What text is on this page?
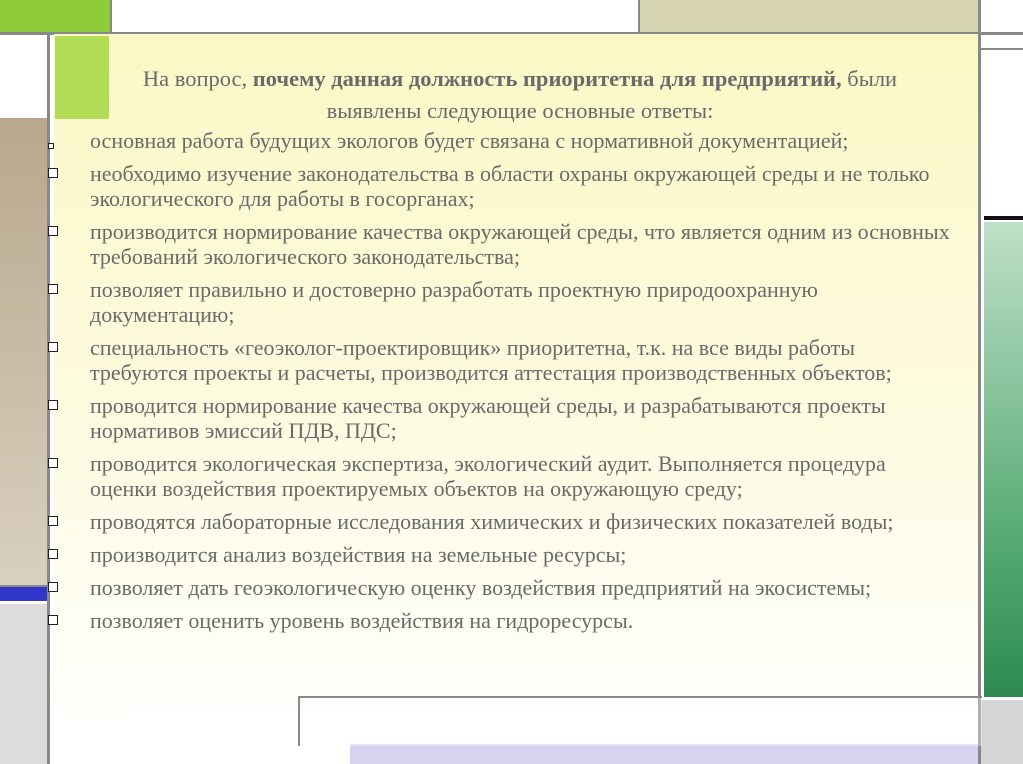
На вопрос, почему данная должность приоритетна для предприятий, были выявлены следующие основные ответы:
основная работа будущих экологов будет связана с нормативной документацией;
необходимо изучение законодательства в области охраны окружающей среды и не только экологического для работы в госорганах;
производится нормирование качества окружающей среды, что является одним из основных требований экологического законодательства;
позволяет правильно и достоверно разработать проектную природоохранную документацию;
специальность «геоэколог-проектировщик» приоритетна, т.к. на все виды работы требуются проекты и расчеты, производится аттестация производственных объектов;
проводится нормирование качества окружающей среды, и разрабатываются проекты нормативов эмиссий ПДВ, ПДС;
проводится экологическая экспертиза, экологический аудит. Выполняется процедура оценки воздействия проектируемых объектов на окружающую среду;
проводятся лабораторные исследования химических и физических показателей воды;
производится анализ воздействия на земельные ресурсы;
позволяет дать геоэкологическую оценку воздействия предприятий на экосистемы;
позволяет оценить уровень воздействия на гидроресурсы.
